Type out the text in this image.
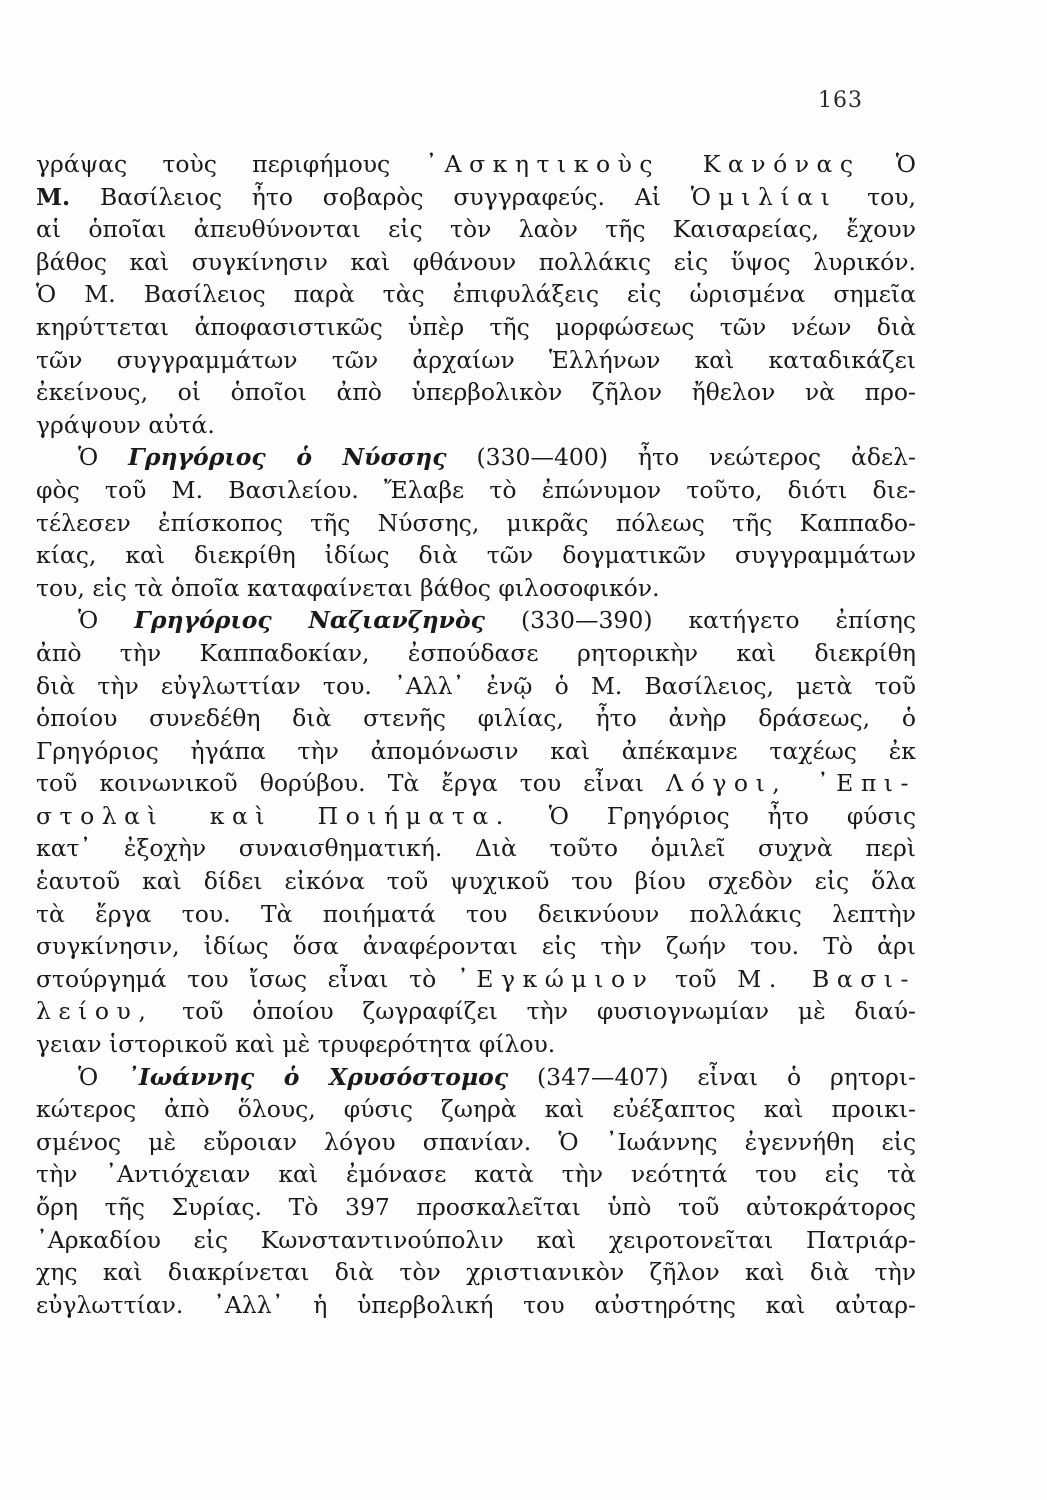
163
γράψας τοὺς περιφήμους ᾿Ασκητικοὺς Κανόνας Ὁ
Μ. Βασίλειος ἦτο σοβαρὸς συγγραφεύς. Αἱ Ὁμιλίαι του,
αἱ ὁποῖαι ἀπευθύνονται εἰς τὸν λαὸν τῆς Καισαρείας, ἔχουν
βάθος καὶ συγκίνησιν καὶ φθάνουν πολλάκις εἰς ὕψος λυρικόν.
Ὁ Μ. Βασίλειος παρὰ τὰς ἐπιφυλάξεις εἰς ὡρισμένα σημεῖα
κηρύττεται ἀποφασιστικῶς ὑπὲρ τῆς μορφώσεως τῶν νέων διὰ
τῶν συγγραμμάτων τῶν ἀρχαίων Ἑλλήνων καὶ καταδικάζει
ἐκείνους, οἱ ὁποῖοι ἀπὸ ὑπερβολικὸν ζῆλον ἤθελον νὰ προ-
γράψουν αὐτά.
Ὁ Γρηγόριος ὁ Νύσσης (330—400) ἦτο νεώτερος ἀδελ-
φὸς τοῦ Μ. Βασιλείου. Ἔλαβε τὸ ἐπώνυμον τοῦτο, διότι διε-
τέλεσεν ἐπίσκοπος τῆς Νύσσης, μικρᾶς πόλεως τῆς Καππαδο-
κίας, καὶ διεκρίθη ἰδίως διὰ τῶν δογματικῶν συγγραμμάτων
του, εἰς τὰ ὁποῖα καταφαίνεται βάθος φιλοσοφικόν.
Ὁ Γρηγόριος Ναζιανζηνὸς (330—390) κατήγετο ἐπίσης
ἀπὸ τὴν Καππαδοκίαν, ἐσπούδασε ρητορικὴν καὶ διεκρίθη
διὰ τὴν εὐγλωττίαν του. ᾿Αλλ᾿ ἐνῷ ὁ Μ. Βασίλειος, μετὰ τοῦ
ὁποίου συνεδέθη διὰ στενῆς φιλίας, ἦτο ἀνὴρ δράσεως, ὁ
Γρηγόριος ἠγάπα τὴν ἀπομόνωσιν καὶ ἀπέκαμνε ταχέως ἐκ
τοῦ κοινωνικοῦ θορύβου. Τὰ ἔργα του εἶναι Λόγοι, ᾿Επι-
στολαὶ καὶ Ποιήματα. Ὁ Γρηγόριος ἦτο φύσις
κατ᾿ ἐξοχὴν συναισθηματική. Διὰ τοῦτο ὁμιλεῖ συχνὰ περὶ
ἑαυτοῦ καὶ δίδει εἰκόνα τοῦ ψυχικοῦ του βίου σχεδὸν εἰς ὅλα
τὰ ἔργα του. Τὰ ποιήματά του δεικνύουν πολλάκις λεπτὴν
συγκίνησιν, ἰδίως ὅσα ἀναφέρονται εἰς τὴν ζωήν του. Τὸ ἀρι
στούργημά του ἴσως εἶναι τὸ ᾿Εγκώμιον τοῦ Μ. Βασι-
λείου, τοῦ ὁποίου ζωγραφίζει τὴν φυσιογνωμίαν μὲ διαύ-
γειαν ἱστορικοῦ καὶ μὲ τρυφερότητα φίλου.
Ὁ ᾿Ιωάννης ὁ Χρυσόστομος (347—407) εἶναι ὁ ρητορι-
κώτερος ἀπὸ ὅλους, φύσις ζωηρὰ καὶ εὐέξαπτος καὶ προικι-
σμένος μὲ εὔροιαν λόγου σπανίαν. Ὁ ᾿Ιωάννης ἐγεννήθη εἰς
τὴν ᾿Αντιόχειαν καὶ ἐμόνασε κατὰ τὴν νεότητά του εἰς τὰ
ὄρη τῆς Συρίας. Τὸ 397 προσκαλεῖται ὑπὸ τοῦ αὐτοκράτορος
᾿Αρκαδίου εἰς Κωνσταντινούπολιν καὶ χειροτονεῖται Πατριάρ-
χης καὶ διακρίνεται διὰ τὸν χριστιανικὸν ζῆλον καὶ διὰ τὴν
εὐγλωττίαν. ᾿Αλλ᾿ ἡ ὑπερβολική του αὐστηρότης καὶ αὐταρ-
